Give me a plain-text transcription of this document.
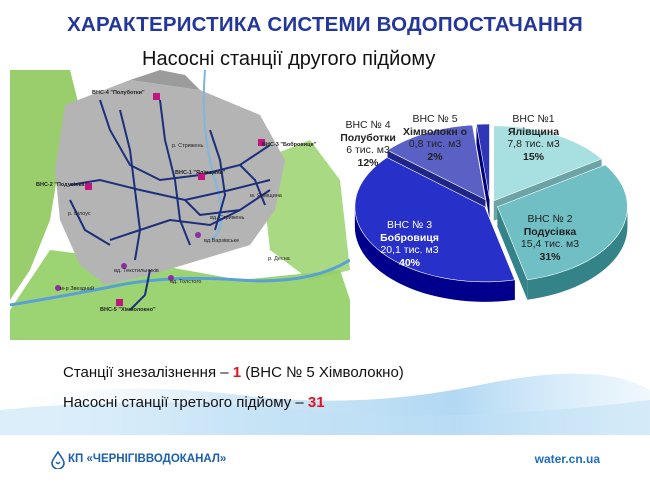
ХАРАКТЕРИСТИКА СИСТЕМИ ВОДОПОСТАЧАННЯ
Насосні станції другого підйому
ВНС-4 "Полуботки"
ВНС-3 "Бобровиця"
ВНС-1 "Ялівщина"
ВНС-2 "Подусівка"
ВНС-5 "Хімволокно"
вд.Варзівське
вд. Текстильників
вд. Толстого
вд. Стрижень
м-р Звездний
р. Стрижень
р. Десна
р. Білоус
м. Ялівщина
ВНС № 4
Полуботки
6 тис. м3
12%
ВНС № 5
Хімволокн о
0,8 тис. м3
2%
ВНС №1
Ялівщина
7,8 тис. м3
15%
ВНС № 2
Подусівка
15,4 тис. м3
31%
ВНС № 3
Бобровиця
20,1 тис. м3
40%
Станції знезалізнення – 1 (ВНС № 5 Хімволокно)
Насосні станції третього підйому – 31
КП «ЧЕРНІГІВВОДОКАНАЛ»	water.cn.ua
